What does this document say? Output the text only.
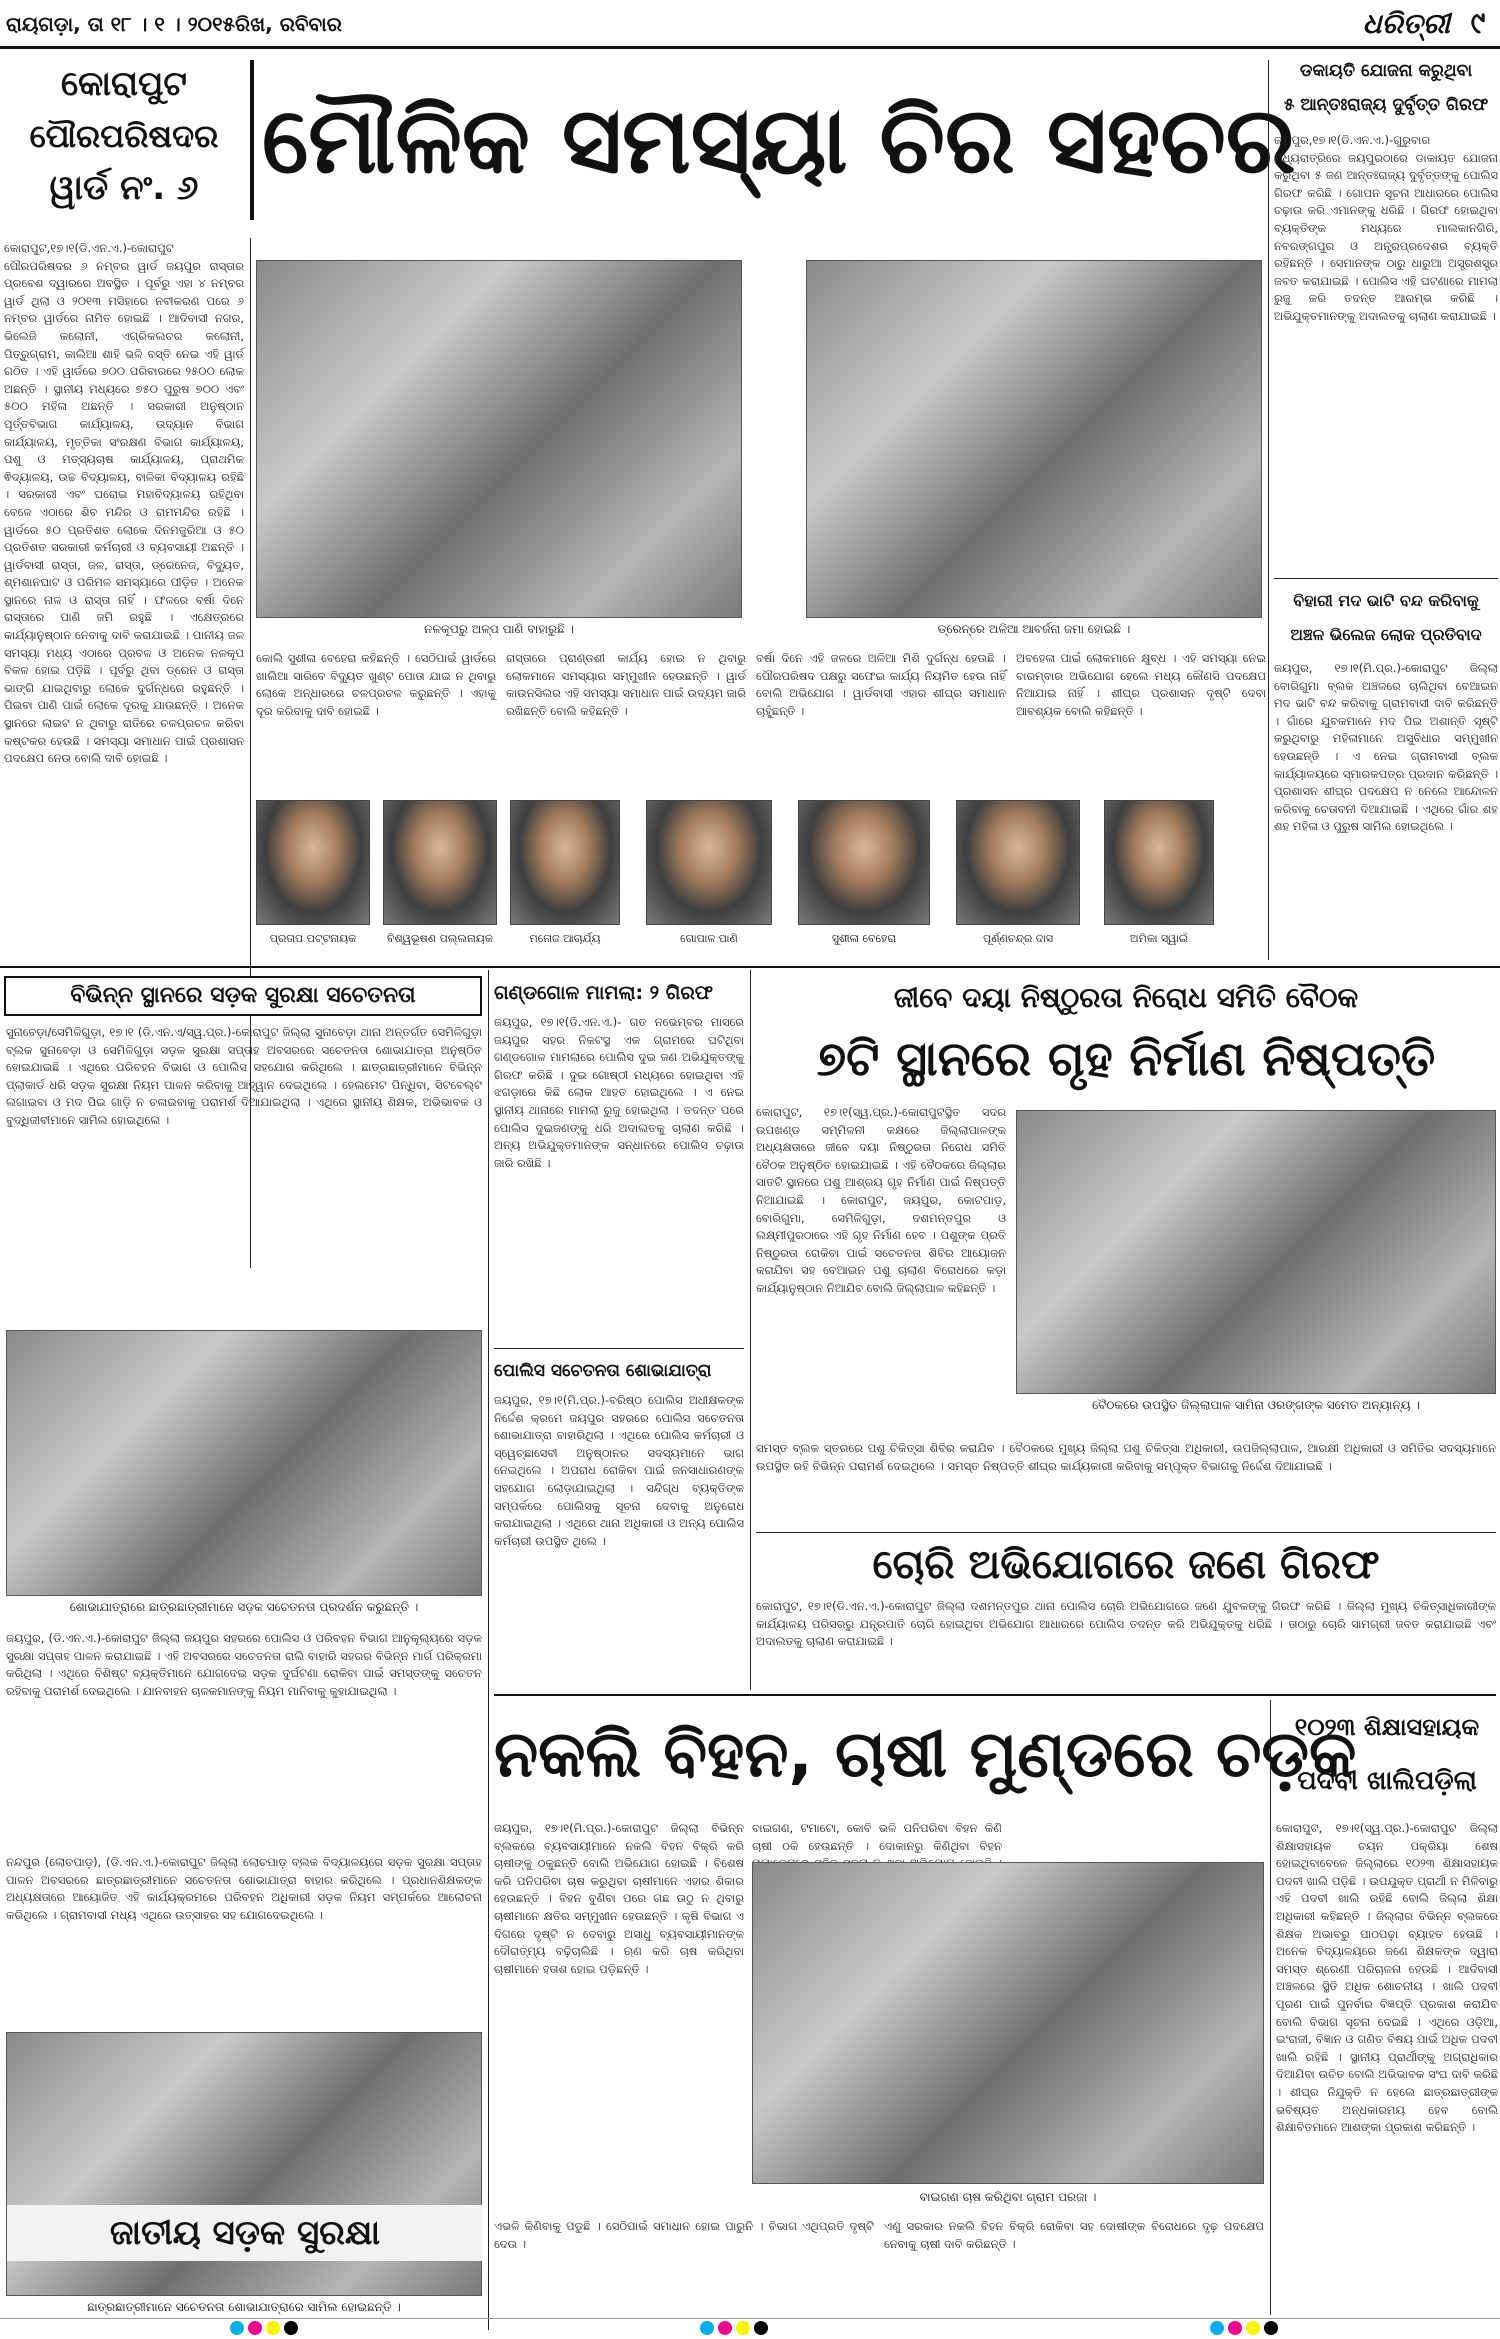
ରାୟଗଡ଼ା, ତା ୧୮ । ୧ । ୨୦୧୫ରିଖ, ରବିବାର	ଧରିତ୍ରୀ ୯
କୋରାପୁଟ
ପୌରପରିଷଦର
ୱାର୍ଡ ନଂ. ୬ ମୌଳିକ ସମସ୍ୟା ଚିର ସହଚର
କୋରାପୁଟ,୧୭।୧(ଡି.ଏନ.ଏ.)-କୋରାପୁଟ ପୌରପରିଷଦର ୬ ନମ୍ବର ୱାର୍ଡ ଜୟପୁର ରାସ୍ତାର ପ୍ରବେଶ ଦ୍ୱାରରେ ଅବସ୍ଥିତ । ପୂର୍ବରୁ ଏହା ୪ ନମ୍ବର ୱାର୍ଡ ଥିଲା ଓ ୨୦୧୩ ମସିହାରେ ନବୀକରଣ ପରେ ୬ ନମ୍ବର ୱାର୍ଡରେ ନାମିତ ହୋଇଛି । ଆଦିବାସୀ ନଗର, ଭିଲେଜି କଲୋନୀ, ଏଗ୍ରିକଲଚର କଲୋନୀ, ପିତ୍ରୁଗ୍ରାମ, କାଲିଆ ଶାହି ଭଳି ବସ୍ତି ନେଇ ଏହି ୱାର୍ଡ ଗଠିତ । ଏହି ୱାର୍ଡରେ ୭୦୦ ପରିବାରରେ ୨୫୦୦ ଲୋକ ଅଛନ୍ତି । ସ୍ଥାନୀୟ ମଧ୍ୟରେ ୭୫୦ ପୁରୁଷ ୭୦୦ ଏବଂ ୫୦୦ ମହିଳା ଅଛନ୍ତି । ସରକାରୀ ଅନୁଷ୍ଠାନ ପୂର୍ତ୍ତବିଭାଗ କାର୍ଯ୍ୟାଳୟ, ଉଦ୍ୟାନ ବିଭାଗ କାର୍ଯ୍ୟାଳୟ, ମୃତ୍ତିକା ସଂରକ୍ଷଣ ବିଭାଗ କାର୍ଯ୍ୟାଳୟ, ପଶୁ ଓ ମତ୍ସ୍ୟଚାଷ କାର୍ଯ୍ୟାଳୟ, ପ୍ରାଥମିକ ଵିଦ୍ୟାଳୟ, ଉଚ୍ଚ ବିଦ୍ୟାଳୟ, ବାଳିକା ବିଦ୍ୟାଳୟ ରହିଛି । ସରକାରୀ ଏବଂ ଘରୋଇ ମହାବିଦ୍ୟାଳୟ ରହିଥିବା ବେଳେ ଏଠାରେ ଶିବ ମନ୍ଦିର ଓ ରାମମନ୍ଦିର ରହିଛି । ୱାର୍ଡରେ ୫୦ ପ୍ରତିଶତ ଲୋକେ ଦିନମଜୁରିଆ ଓ ୫୦ ପ୍ରତିଶତ ସରକାରୀ କର୍ମଚାରୀ ଓ ବ୍ୟବସାୟୀ ଅଛନ୍ତି । ୱାର୍ଡବାସୀ ରାସ୍ତା, ଜଳ, ରାସ୍ତା, ଡ୍ରେନେଜ, ବିଦ୍ୟୁତ, ଶ୍ମଶାନଘାଟ ଓ ପରିମଳ ସମସ୍ୟାରେ ପୀଡ଼ିତ । ଅନେକ ସ୍ଥାନରେ ନାଳ ଓ ରାସ୍ତା ନାହିଁ । ଫଳରେ ବର୍ଷା ଦିନେ ରାସ୍ତାରେ ପାଣି ଜମି ରହୁଛି । ଏକ୍ଷେତ୍ରରେ କାର୍ଯ୍ୟାନୁଷ୍ଠାନ ନେବାକୁ ଦାବି କରାଯାଇଛି । ପାନୀୟ ଜଳ ସମସ୍ୟା ମଧ୍ୟ ଏଠାରେ ପ୍ରବଳ ଓ ଅନେକ ନଳକୂପ ବିକଳ ହୋଇ ପଡ଼ିଛି । ପୂର୍ବରୁ ଥିବା ଡ୍ରେନ ଓ ରାସ୍ତା ଭାଙ୍ଗି ଯାଇଥିବାରୁ ଲୋକେ ଦୁର୍ଗନ୍ଧରେ ରହୁଛନ୍ତି । ପିଇବା ପାଣି ପାଇଁ ଲୋକେ ଦୂରକୁ ଯାଉଛନ୍ତି । ଅନେକ ସ୍ଥାନରେ ଲାଇଟ ନ ଥିବାରୁ ରାତିରେ ଚଳପ୍ରଚଳ କରିବା କଷ୍ଟକର ହେଉଛି । ସମସ୍ୟା ସମାଧାନ ପାଇଁ ପ୍ରଶାସନ ପଦକ୍ଷେପ ନେଉ ବୋଲି ଦାବି ହୋଇଛି ।
ନଳକୂପରୁ ଅଳ୍ପ ପାଣି ବାହାରୁଛି ।	ଡ୍ରେନ୍‌ରେ ଅଳିଆ ଆବର୍ଜନା ଜମା ହୋଇଛି ।
କୋଲି ସୁଶୀଳା ବେହେରା କହିଛନ୍ତି । ସେଠିପାଇଁ ୱାର୍ଡରେ ଖାଲିଆ ସାରିବେ ବିଦ୍ୟୁତ ଖୁଣ୍ଟ ପୋତା ଯାଇ ନ ଥିବାରୁ ଲୋକେ ଅନ୍ଧାରରେ ଚଳପ୍ରଚଳ କରୁଛନ୍ତି । ଏହାକୁ ଦୂର କରିବାକୁ ଦାବି ହୋଇଛି ।
ରାସ୍ତାରେ ପ୍ରାଣ୍ଡଶୀ କାର୍ଯ୍ୟ ହୋଇ ନ ଥିବାରୁ ଲୋକମାନେ ସମସ୍ୟାର ସମ୍ମୁଖୀନ ହେଉଛନ୍ତି । ୱାର୍ଡ କାଉନସିଲର ଏହି ସମସ୍ୟା ସମାଧାନ ପାଇଁ ଉଦ୍ୟମ ଜାରି ରଖିଛନ୍ତି ବୋଲି କହିଛନ୍ତି ।
ବର୍ଷା ଦିନେ ଏହି ଜଳରେ ଅଳିଆ ମିଶି ଦୁର୍ଗନ୍ଧ ହେଉଛି । ପୌରପରିଷଦ ପକ୍ଷରୁ ସଫେଇ କାର୍ଯ୍ୟ ନିୟମିତ ହେଉ ନାହିଁ ବୋଲି ଅଭିଯୋଗ । ୱାର୍ଡବାସୀ ଏହାର ଶୀଘ୍ର ସମାଧାନ ଚାହୁଁଛନ୍ତି ।
ଅବହେଳା ପାଇଁ ଲୋକମାନେ କ୍ଷୁବ୍ଧ । ଏହି ସମସ୍ୟା ନେଇ ବାରମ୍ବାର ଅଭିଯୋଗ ହେଲେ ମଧ୍ୟ କୌଣସି ପଦକ୍ଷେପ ନିଆଯାଇ ନାହିଁ । ଶୀଘ୍ର ପ୍ରଶାସନ ଦୃଷ୍ଟି ଦେବା ଆବଶ୍ୟକ ବୋଲି କହିଛନ୍ତି ।
ପ୍ରତାପ ପଟ୍ଟନାୟକ	ବିଶ୍ୱଭୂଷଣ ପଲ୍ଲନାୟକ	ମନୋଜ ଆଚାର୍ଯ୍ୟ	ଗୋପାଳ ପାଣି	ସୁଶୀଳା ବେହେରା	ପୂର୍ଣ୍ଣଚନ୍ଦ୍ର ଦାସ	ଅମିକା ସ୍ୱାଇଁ
ଡକାୟତି ଯୋଜନା କରୁଥିବା
୫ ଆନ୍ତଃରାଜ୍ୟ ଦୁର୍ବୃତ୍ତ ଗିରଫ
ଜୟପୁର,୧୭।୧(ଡି.ଏନ.ଏ.)-ଗୁରୁବାର ମଧ୍ୟରାତ୍ରିରେ ଜୟପୁରଠାରେ ଡାକାୟତ ଯୋଜନା କରୁଥିବା ୫ ଜଣ ଆନ୍ତଃରାଜ୍ୟ ଦୁର୍ବୃତ୍ତଙ୍କୁ ପୋଲିସ ଗିରଫ କରିଛି । ଗୋପନ ସୂଚନା ଆଧାରରେ ପୋଲିସ ଚଢ଼ାଉ କରି ଏମାନଙ୍କୁ ଧରିଛି । ଗିରଫ ହୋଇଥିବା ବ୍ୟକ୍ତିଙ୍କ ମଧ୍ୟରେ ମାଲକାନଗିରି, ନବରଙ୍ଗପୁର ଓ ଅନ୍ଧ୍ରପ୍ରଦେଶର ବ୍ୟକ୍ତି ରହିଛନ୍ତି । ସେମାନଙ୍କ ଠାରୁ ଧାରୁଆ ଅସ୍ତ୍ରଶସ୍ତ୍ର ଜବତ କରାଯାଇଛି । ପୋଲିସ ଏହି ଘଟଣାରେ ମାମଲା ରୁଜୁ କରି ତଦନ୍ତ ଆରମ୍ଭ କରିଛି । ଅଭିଯୁକ୍ତମାନଙ୍କୁ ଅଦାଲତକୁ ଚାଲାଣ କରାଯାଇଛି ।
ବିହାରୀ ମଦ ଭାଟି ବନ୍ଦ କରିବାକୁ
ଅଞ୍ଚଳ ଭିଲେଜ ଲୋକ ପ୍ରତିବାଦ
ଜୟପୁର, ୧୭।୧(ମି.ପ୍ର.)-କୋରାପୁଟ ଜିଲ୍ଲା ବୋରିଗୁମା ବ୍ଲକ ଅଞ୍ଚଳରେ ଚାଲିଥିବା ବେଆଇନ ମଦ ଭାଟି ବନ୍ଦ କରିବାକୁ ଗ୍ରାମବାସୀ ଦାବି କରିଛନ୍ତି । ଗାଁରେ ଯୁବକମାନେ ମଦ ପିଇ ଅଶାନ୍ତି ସୃଷ୍ଟି କରୁଥିବାରୁ ମହିଳାମାନେ ଅସୁବିଧାର ସମ୍ମୁଖୀନ ହେଉଛନ୍ତି । ଏ ନେଇ ଗ୍ରାମବାସୀ ବ୍ଲକ କାର୍ଯ୍ୟାଳୟରେ ସ୍ମାରକପତ୍ର ପ୍ରଦାନ କରିଛନ୍ତି । ପ୍ରଶାସନ ଶୀଘ୍ର ପଦକ୍ଷେପ ନ ନେଲେ ଆନ୍ଦୋଳନ କରିବାକୁ ଚେତାବନୀ ଦିଆଯାଇଛି । ଏଥିରେ ଗାଁର ଶହ ଶହ ମହିଳା ଓ ପୁରୁଷ ସାମିଲ ହୋଇଥିଲେ ।
ବିଭିନ୍ନ ସ୍ଥାନରେ ସଡ଼କ ସୁରକ୍ଷା ସଚେତନତା
ସୁନାବେଡ଼ା/ସେମିଳିଗୁଡ଼ା, ୧୭।୧ (ଡି.ଏନ.ଏ/ସ୍ୱ.ପ୍ର.)-କୋରାପୁଟ ଜିଲ୍ଲା ସୁନାବେଡ଼ା ଥାନା ଅନ୍ତର୍ଗତ ସେମିଳିଗୁଡ଼ା ବ୍ଲକ ସୁନାବେଡ଼ା ଓ ସେମିଳିଗୁଡ଼ା ସଡ଼କ ସୁରକ୍ଷା ସପ୍ତାହ ଅବସରରେ ସଚେତନତା ଶୋଭାଯାତ୍ରା ଅନୁଷ୍ଠିତ ହୋଇଯାଇଛି । ଏଥିରେ ପରିବହନ ବିଭାଗ ଓ ପୋଲିସ ସହଯୋଗ କରିଥିଲେ । ଛାତ୍ରଛାତ୍ରୀମାନେ ବିଭିନ୍ନ ପ୍ଲାକାର୍ଡ ଧରି ସଡ଼କ ସୁରକ୍ଷା ନିୟମ ପାଳନ କରିବାକୁ ଆହ୍ୱାନ ଦେଇଥିଲେ । ହେଲମେଟ ପିନ୍ଧିବା, ସିଟବେଲ୍ଟ ଲଗାଇବା ଓ ମଦ ପିଇ ଗାଡ଼ି ନ ଚଳାଇବାକୁ ପରାମର୍ଶ ଦିଆଯାଇଥିଲା । ଏଥିରେ ସ୍ଥାନୀୟ ଶିକ୍ଷକ, ଅଭିଭାବକ ଓ ବୁଦ୍ଧିଜୀବୀମାନେ ସାମିଲ ହୋଇଥିଲେ ।
ଶୋଭାଯାତ୍ରାରେ ଛାତ୍ରଛାତ୍ରୀମାନେ ସଡ଼କ ସଚେତନତା ପ୍ରଦର୍ଶନ କରୁଛନ୍ତି ।
ଜୟପୁର, (ଡି.ଏନ.ଏ.)-କୋରାପୁଟ ଜିଲ୍ଲା ଜୟପୁର ସହରରେ ପୋଲିସ ଓ ପରିବହନ ବିଭାଗ ଆନୁକୂଲ୍ୟରେ ସଡ଼କ ସୁରକ୍ଷା ସପ୍ତାହ ପାଳନ କରାଯାଇଛି । ଏହି ଅବସରରେ ସଚେତନତା ରାଲି ବାହାରି ସହରର ବିଭିନ୍ନ ମାର୍ଗ ପରିକ୍ରମା କରିଥିଲା । ଏଥିରେ ବିଶିଷ୍ଟ ବ୍ୟକ୍ତିମାନେ ଯୋଗଦେଇ ସଡ଼କ ଦୁର୍ଘଟଣା ରୋକିବା ପାଇଁ ସମସ୍ତଙ୍କୁ ସଚେତନ ରହିବାକୁ ପରାମର୍ଶ ଦେଇଥିଲେ । ଯାନବାହନ ଚାଳକମାନଙ୍କୁ ନିୟମ ମାନିବାକୁ କୁହାଯାଇଥିଲା ।
ନନ୍ଦପୁର (ଲୋଚପାଡ଼), (ଡି.ଏନ.ଏ.)-କୋରାପୁଟ ଜିଲ୍ଲା ଲୋଚପାଡ଼ ବ୍ଲକ ବିଦ୍ୟାଳୟରେ ସଡ଼କ ସୁରକ୍ଷା ସପ୍ତାହ ପାଳନ ଅବସରରେ ଛାତ୍ରଛାତ୍ରୀମାନେ ସଚେତନତା ଶୋଭାଯାତ୍ରା ବାହାର କରିଥିଲେ । ପ୍ରଧାନଶିକ୍ଷକଙ୍କ ଅଧ୍ୟକ୍ଷତାରେ ଆୟୋଜିତ ଏହି କାର୍ଯ୍ୟକ୍ରମରେ ପରିବହନ ଅଧିକାରୀ ସଡ଼କ ନିୟମ ସମ୍ପର୍କରେ ଆଲୋଚନା କରିଥିଲେ । ଗ୍ରାମବାସୀ ମଧ୍ୟ ଏଥିରେ ଉତ୍ସାହର ସହ ଯୋଗଦେଇଥିଲେ ।
ଜାତୀୟ ସଡ଼କ ସୁରକ୍ଷା
ଛାତ୍ରଛାତ୍ରୀମାନେ ସଚେତନତା ଶୋଭାଯାତ୍ରାରେ ସାମିଲ ହୋଇଛନ୍ତି ।
ଗଣ୍ଡଗୋଳ ମାମଲା: ୨ ଗିରଫ
ଜୟପୁର, ୧୭।୧(ଡି.ଏନ.ଏ.)- ଗତ ନଭେମ୍ବର ମାସରେ ଜୟପୁର ସହର ନିକଟସ୍ଥ ଏକ ଗ୍ରାମରେ ଘଟିଥିବା ଗଣ୍ଡଗୋଳ ମାମଲାରେ ପୋଲିସ ଦୁଇ ଜଣ ଅଭିଯୁକ୍ତଙ୍କୁ ଗିରଫ କରିଛି । ଦୁଇ ଗୋଷ୍ଠୀ ମଧ୍ୟରେ ହୋଇଥିବା ଏହି ଝଗଡ଼ାରେ କିଛି ଲୋକ ଆହତ ହୋଇଥିଲେ । ଏ ନେଇ ସ୍ଥାନୀୟ ଥାନାରେ ମାମଲା ରୁଜୁ ହୋଇଥିଲା । ତଦନ୍ତ ପରେ ପୋଲିସ ଦୁଇଜଣଙ୍କୁ ଧରି ଅଦାଲତକୁ ଚାଲାଣ କରିଛି । ଅନ୍ୟ ଅଭିଯୁକ୍ତମାନଙ୍କ ସନ୍ଧାନରେ ପୋଲିସ ଚଢ଼ାଉ ଜାରି ରଖିଛି ।
ପୋଲିସ ସଚେତନତା ଶୋଭାଯାତ୍ରା
ଜୟପୁର, ୧୭।୧(ମି.ପ୍ର.)-ବରିଷ୍ଠ ପୋଲିସ ଅଧୀକ୍ଷକଙ୍କ ନିର୍ଦ୍ଦେଶ କ୍ରମେ ଜୟପୁର ସହରରେ ପୋଲିସ ସଚେତନତା ଶୋଭାଯାତ୍ରା ବାହାରିଥିଲା । ଏଥିରେ ପୋଲିସ କର୍ମଚାରୀ ଓ ସ୍ୱେଚ୍ଛାସେବୀ ଅନୁଷ୍ଠାନର ସଦସ୍ୟମାନେ ଭାଗ ନେଇଥିଲେ । ଅପରାଧ ରୋକିବା ପାଇଁ ଜନସାଧାରଣଙ୍କ ସହଯୋଗ ଲୋଡ଼ାଯାଇଥିଲା । ସନ୍ଦିଗ୍ଧ ବ୍ୟକ୍ତିଙ୍କ ସମ୍ପର୍କରେ ପୋଲିସକୁ ସୂଚନା ଦେବାକୁ ଅନୁରୋଧ କରାଯାଇଥିଲା । ଏଥିରେ ଥାନା ଅଧିକାରୀ ଓ ଅନ୍ୟ ପୋଲିସ କର୍ମଚାରୀ ଉପସ୍ଥିତ ଥିଲେ ।
ଜୀବେ ଦୟା ନିଷ୍ଠୁରତା ନିରୋଧ ସମିତି ବୈଠକ
୭ଟି ସ୍ଥାନରେ ଗୃହ ନିର୍ମାଣ ନିଷ୍ପତ୍ତି
କୋରାପୁଟ, ୧୭।୧(ସ୍ୱ.ପ୍ର.)-କୋରାପୁଟସ୍ଥିତ ସଦର ଉପଖଣ୍ଡ ସମ୍ମିଳନୀ କକ୍ଷରେ ଜିଲ୍ଲାପାଳଙ୍କ ଅଧ୍ୟକ୍ଷତାରେ ଜୀବେ ଦୟା ନିଷ୍ଠୁରତା ନିରୋଧ ସମିତି ବୈଠକ ଅନୁଷ୍ଠିତ ହୋଇଯାଇଛି । ଏହି ବୈଠକରେ ଜିଲ୍ଲାର ସାତଟି ସ୍ଥାନରେ ପଶୁ ଆଶ୍ରୟ ଗୃହ ନିର୍ମାଣ ପାଇଁ ନିଷ୍ପତ୍ତି ନିଆଯାଇଛି । କୋରାପୁଟ, ଜୟପୁର, କୋଟପାଡ଼, ବୋରିଗୁମା, ସେମିଳିଗୁଡ଼ା, ଦଶମନ୍ତପୁର ଓ ଲକ୍ଷ୍ମୀପୁରଠାରେ ଏହି ଗୃହ ନିର୍ମାଣ ହେବ । ପଶୁଙ୍କ ପ୍ରତି ନିଷ୍ଠୁରତା ରୋକିବା ପାଇଁ ସଚେତନତା ଶିବିର ଆୟୋଜନ କରାଯିବା ସହ ବେଆଇନ ପଶୁ ଚାଲାଣ ବିରୋଧରେ କଡ଼ା କାର୍ଯ୍ୟାନୁଷ୍ଠାନ ନିଆଯିବ ବୋଲି ଜିଲ୍ଲାପାଳ କହିଛନ୍ତି ।
ବୈଠକରେ ଉପସ୍ଥିତ ଜିଲ୍ଲାପାଳ ସାମିନା ଓରଙ୍ଗଙ୍କ ସମେତ ଅନ୍ୟାନ୍ୟ ।
ସମସ୍ତ ବ୍ଲକ ସ୍ତରରେ ପଶୁ ଚିକିତ୍ସା ଶିବିର କରାଯିବ । ବୈଠକରେ ମୁଖ୍ୟ ଜିଲ୍ଲା ପଶୁ ଚିକିତ୍ସା ଅଧିକାରୀ, ଉପଜିଲ୍ଲାପାଳ, ଆରକ୍ଷୀ ଅଧିକାରୀ ଓ ସମିତିର ସଦସ୍ୟମାନେ ଉପସ୍ଥିତ ରହି ବିଭିନ୍ନ ପରାମର୍ଶ ଦେଇଥିଲେ । ସମସ୍ତ ନିଷ୍ପତ୍ତି ଶୀଘ୍ର କାର୍ଯ୍ୟକାରୀ କରିବାକୁ ସମ୍ପୃକ୍ତ ବିଭାଗକୁ ନିର୍ଦ୍ଦେଶ ଦିଆଯାଇଛି ।
ଚୋରି ଅଭିଯୋଗରେ ଜଣେ ଗିରଫ
କୋରାପୁଟ, ୧୭।୧(ଡି.ଏନ.ଏ.)-କୋରାପୁଟ ଜିଲ୍ଲା ଦଶମନ୍ତପୁର ଥାନା ପୋଲିସ ଚୋରି ଅଭିଯୋଗରେ ଜଣେ ଯୁବକଙ୍କୁ ଗିରଫ କରିଛି । ଜିଲ୍ଲା ମୁଖ୍ୟ ଚିକିତ୍ସାଧିକାରୀଙ୍କ କାର୍ଯ୍ୟାଳୟ ପରିସରରୁ ଯନ୍ତ୍ରପାତି ଚୋରି ହୋଇଥିବା ଅଭିଯୋଗ ଆଧାରରେ ପୋଲିସ ତଦନ୍ତ କରି ଅଭିଯୁକ୍ତକୁ ଧରିଛି । ତାଠାରୁ ଚୋରି ସାମଗ୍ରୀ ଜବତ କରାଯାଇଛି ଏବଂ ଅଦାଲତକୁ ଚାଲାଣ କରାଯାଇଛି ।
ନକଲି ବିହନ, ଚାଷୀ ମୁଣ୍ଡରେ ଚଡ଼କ
ଜୟପୁର, ୧୭।୧(ମି.ପ୍ର.)-କୋରାପୁଟ ଜିଲ୍ଲା ବିଭିନ୍ନ ବ୍ଲକରେ ବ୍ୟବସାୟୀମାନେ ନକଲି ବିହନ ବିକ୍ରି କରି ଚାଷୀଙ୍କୁ ଠକୁଛନ୍ତି ବୋଲି ଅଭିଯୋଗ ହୋଇଛି । ବିଶେଷ କରି ପନିପରିବା ଚାଷ କରୁଥିବା ଚାଷୀମାନେ ଏହାର ଶିକାର ହେଉଛନ୍ତି । ବିହନ ବୁଣିବା ପରେ ଗଛ ଉଠୁ ନ ଥିବାରୁ ଚାଷୀମାନେ କ୍ଷତିର ସମ୍ମୁଖୀନ ହେଉଛନ୍ତି । କୃଷି ବିଭାଗ ଏ ଦିଗରେ ଦୃଷ୍ଟି ନ ଦେବାରୁ ଅସାଧୁ ବ୍ୟବସାୟୀମାନଙ୍କ ଦୌରାତ୍ମ୍ୟ ବଢ଼ିଚାଲିଛି । ଋଣ କରି ଚାଷ କରିଥିବା ଚାଷୀମାନେ ହତାଶ ହୋଇ ପଡ଼ିଛନ୍ତି ।
ବାଇଗଣ, ଟମାଟୋ, କୋବି ଭଳି ପନିପରିବା ବିହନ କିଣି ଚାଷୀ ଠକି ହେଉଛନ୍ତି । ଦୋକାନରୁ କିଣିଥିବା ବିହନ
ବାଇଗଣ ଚାଷ କରିଥିବା ଗ୍ରାମ ପରଜା ।
ଏଭଳି କିଣିବାକୁ ପଡୁଛି । ସେଠିପାଇଁ ସମାଧାନ ହୋଇ ପାରୁନି । ବିଭାଗ ଏଥିପ୍ରତି ଦୃଷ୍ଟି ଦେଉ ।
ଏଣୁ ସରକାର ନକଲି ବିହନ ବିକ୍ରି ରୋକିବା ସହ ଦୋଷୀଙ୍କ ବିରୋଧରେ ଦୃଢ଼ ପଦକ୍ଷେପ ନେବାକୁ ଚାଷୀ ଦାବି କରିଛନ୍ତି ।
୧୦୨୩ ଶିକ୍ଷାସହାୟକ
ପଦବୀ ଖାଲିପଡ଼ିଲା
କୋରାପୁଟ, ୧୭।୧(ସ୍ୱ.ପ୍ର.)-କୋରାପୁଟ ଜିଲ୍ଲା ଶିକ୍ଷାସହାୟକ ଚୟନ ପକ୍ରିୟା ଶେଷ ହୋଇଥିବାବେଳେ ଜିଲ୍ଲାରେ ୧୦୨୩ ଶିକ୍ଷାସହାୟକ ପଦବୀ ଖାଲି ପଡ଼ିଛି । ଉପଯୁକ୍ତ ପ୍ରାର୍ଥୀ ନ ମିଳିବାରୁ ଏହି ପଦବୀ ଖାଲି ରହିଛି ବୋଲି ଜିଲ୍ଲା ଶିକ୍ଷା ଅଧିକାରୀ କହିଛନ୍ତି । ଜିଲ୍ଲାର ବିଭିନ୍ନ ବ୍ଲକରେ ଶିକ୍ଷକ ଅଭାବରୁ ପାଠପଢ଼ା ବ୍ୟାହତ ହେଉଛି । ଅନେକ ବିଦ୍ୟାଳୟରେ ଜଣେ ଶିକ୍ଷକଙ୍କ ଦ୍ୱାରା ସମସ୍ତ ଶ୍ରେଣୀ ପରିଚାଳନା ହେଉଛି । ଆଦିବାସୀ ଅଞ୍ଚଳରେ ସ୍ଥିତି ଅଧିକ ଶୋଚନୀୟ । ଖାଲି ପଦବୀ ପୂରଣ ପାଇଁ ପୁନର୍ବାର ବିଜ୍ଞପ୍ତି ପ୍ରକାଶ କରାଯିବ ବୋଲି ବିଭାଗ ସୂଚନା ଦେଇଛି । ଏଥିରେ ଓଡ଼ିଆ, ଇଂରାଜୀ, ବିଜ୍ଞାନ ଓ ଗଣିତ ବିଷୟ ପାଇଁ ଅଧିକ ପଦବୀ ଖାଲି ରହିଛି । ସ୍ଥାନୀୟ ପ୍ରାର୍ଥୀଙ୍କୁ ଅଗ୍ରାଧିକାର ଦିଆଯିବା ଉଚିତ ବୋଲି ଅଭିଭାବକ ସଂଘ ଦାବି କରିଛି । ଶୀଘ୍ର ନିଯୁକ୍ତି ନ ହେଲେ ଛାତ୍ରଛାତ୍ରୀଙ୍କ ଭବିଷ୍ୟତ ଅନ୍ଧକାରମୟ ହେବ ବୋଲି ଶିକ୍ଷାବିତମାନେ ଆଶଙ୍କା ପ୍ରକାଶ କରିଛନ୍ତି ।
